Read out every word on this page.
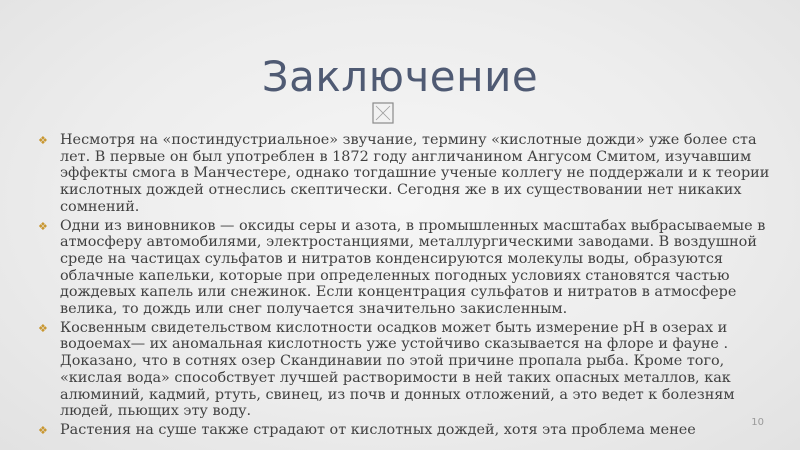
Заключение
❖ Несмотря на «постиндустриальное» звучание, термину «кислотные дожди» уже более ста лет. В первые он был употреблен в 1872 году англичанином Ангусом Смитом, изучавшим эффекты смога в Манчестере, однако тогдашние ученые коллегу не поддержали и к теории кислотных дождей отнеслись скептически. Сегодня же в их существовании нет никаких сомнений.
❖ Одни из виновников — оксиды серы и азота, в промышленных масштабах выбрасываемые в атмосферу автомобилями, электростанциями, металлургическими заводами. В воздушной среде на частицах сульфатов и нитратов конденсируются молекулы воды, образуются облачные капельки, которые при определенных погодных условиях становятся частью дождевых капель или снежинок. Если концентрация сульфатов и нитратов в атмосфере велика, то дождь или снег получается значительно закисленным.
❖ Косвенным свидетельством кислотности осадков может быть измерение pH в озерах и водоемах— их аномальная кислотность уже устойчиво сказывается на флоре и фауне . Доказано, что в сотнях озер Скандинавии по этой причине пропала рыба. Кроме того, «кислая вода» способствует лучшей растворимости в ней таких опасных металлов, как алюминий, кадмий, ртуть, свинец, из почв и донных отложений, а это ведет к болезням людей, пьющих эту воду.
❖ Растения на суше также страдают от кислотных дождей, хотя эта проблема менее	10
